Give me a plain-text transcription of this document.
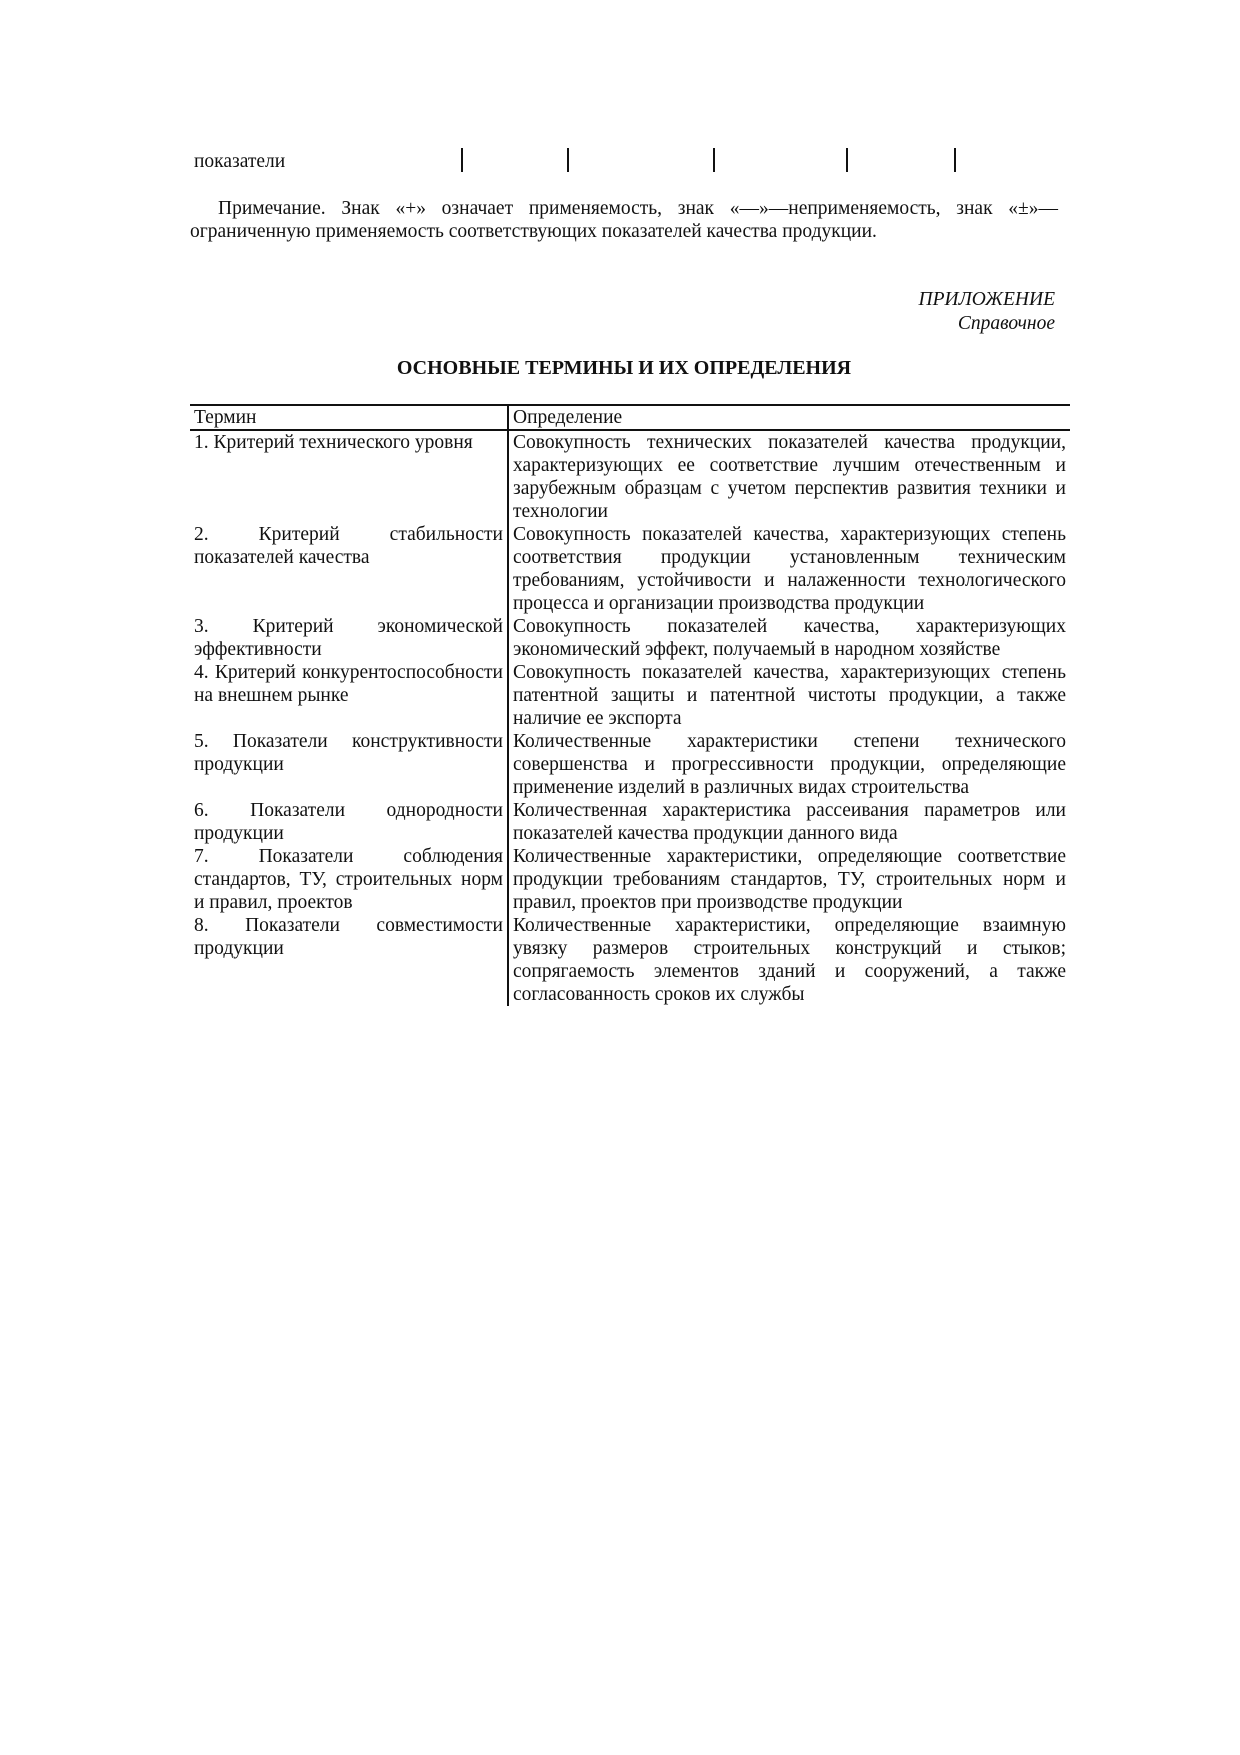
показатели

Примечание. Знак «+» означает применяемость, знак «—»—неприменяемость, знак «±»—ограниченную применяемость соответствующих показателей качества продукции.

ПРИЛОЖЕНИЕ
Справочное
ОСНОВНЫЕ ТЕРМИНЫ И ИХ ОПРЕДЕЛЕНИЯ
Термин	Определение
1. Критерий технического уровня	Совокупность технических показателей качества продукции, характеризующих ее соответствие лучшим отечественным и зарубежным образцам с учетом перспектив развития техники и технологии
2. Критерий стабильности показателей качества	Совокупность показателей качества, характеризующих степень соответствия продукции установленным техническим требованиям, устойчивости и налаженности технологического процесса и организации производства продукции
3. Критерий экономической эффективности	Совокупность показателей качества, характеризующих экономический эффект, получаемый в народном хозяйстве
4. Критерий конкурентоспособности на внешнем рынке	Совокупность показателей качества, характеризующих степень патентной защиты и патентной чистоты продукции, а также наличие ее экспорта
5. Показатели конструктивности продукции	Количественные характеристики степени технического совершенства и прогрессивности продукции, определяющие применение изделий в различных видах строительства
6. Показатели однородности продукции	Количественная характеристика рассеивания параметров или показателей качества продукции данного вида
7. Показатели соблюдения стандартов, ТУ, строительных норм и правил, проектов	Количественные характеристики, определяющие соответствие продукции требованиям стандартов, ТУ, строительных норм и правил, проектов при производстве продукции
8. Показатели совместимости продукции	Количественные характеристики, определяющие взаимную увязку размеров строительных конструкций и стыков; сопрягаемость элементов зданий и сооружений, а также согласованность сроков их службы
